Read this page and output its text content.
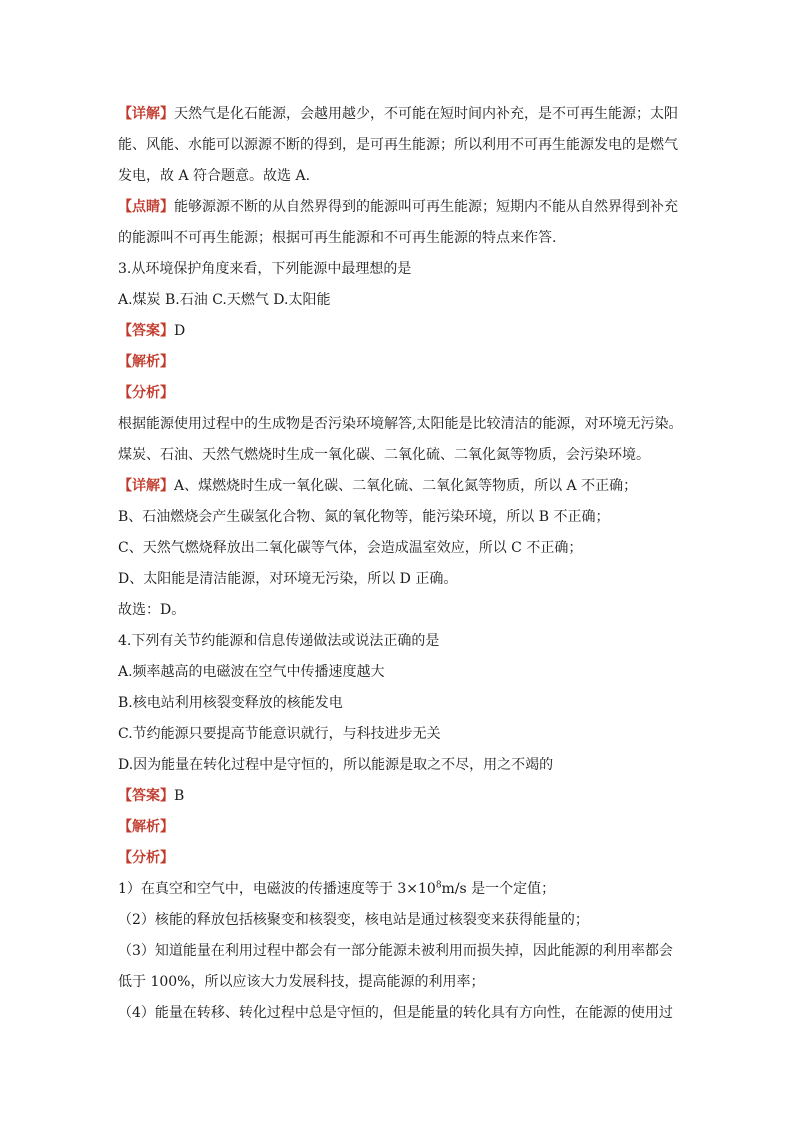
【详解】天然气是化石能源，会越用越少，不可能在短时间内补充，是不可再生能源；太阳
能、风能、水能可以源源不断的得到，是可再生能源；所以利用不可再生能源发电的是燃气
发电，故 A 符合题意。故选 A.
【点睛】能够源源不断的从自然界得到的能源叫可再生能源；短期内不能从自然界得到补充
的能源叫不可再生能源；根据可再生能源和不可再生能源的特点来作答.
3.从环境保护角度来看，下列能源中最理想的是
A.煤炭 B.石油 C.天燃气 D.太阳能
【答案】D
【解析】
【分析】
根据能源使用过程中的生成物是否污染环境解答,太阳能是比较清洁的能源，对环境无污染。
煤炭、石油、天然气燃烧时生成一氧化碳、二氧化硫、二氧化氮等物质，会污染环境。
【详解】A、煤燃烧时生成一氧化碳、二氧化硫、二氧化氮等物质，所以 A 不正确；
B、石油燃烧会产生碳氢化合物、氮的氧化物等，能污染环境，所以 B 不正确；
C、天然气燃烧释放出二氧化碳等气体，会造成温室效应，所以 C 不正确；
D、太阳能是清洁能源，对环境无污染，所以 D 正确。
故选：D。
4.下列有关节约能源和信息传递做法或说法正确的是
A.频率越高的电磁波在空气中传播速度越大
B.核电站利用核裂变释放的核能发电
C.节约能源只要提高节能意识就行，与科技进步无关
D.因为能量在转化过程中是守恒的，所以能源是取之不尽，用之不竭的
【答案】B
【解析】
【分析】
1）在真空和空气中，电磁波的传播速度等于 $3\times 10^8m/s$ 是一个定值；
（2）核能的释放包括核聚变和核裂变，核电站是通过核裂变来获得能量的；
（3）知道能量在利用过程中都会有一部分能源未被利用而损失掉，因此能源的利用率都会
低于 100%，所以应该大力发展科技，提高能源的利用率；
（4）能量在转移、转化过程中总是守恒的，但是能量的转化具有方向性，在能源的使用过
